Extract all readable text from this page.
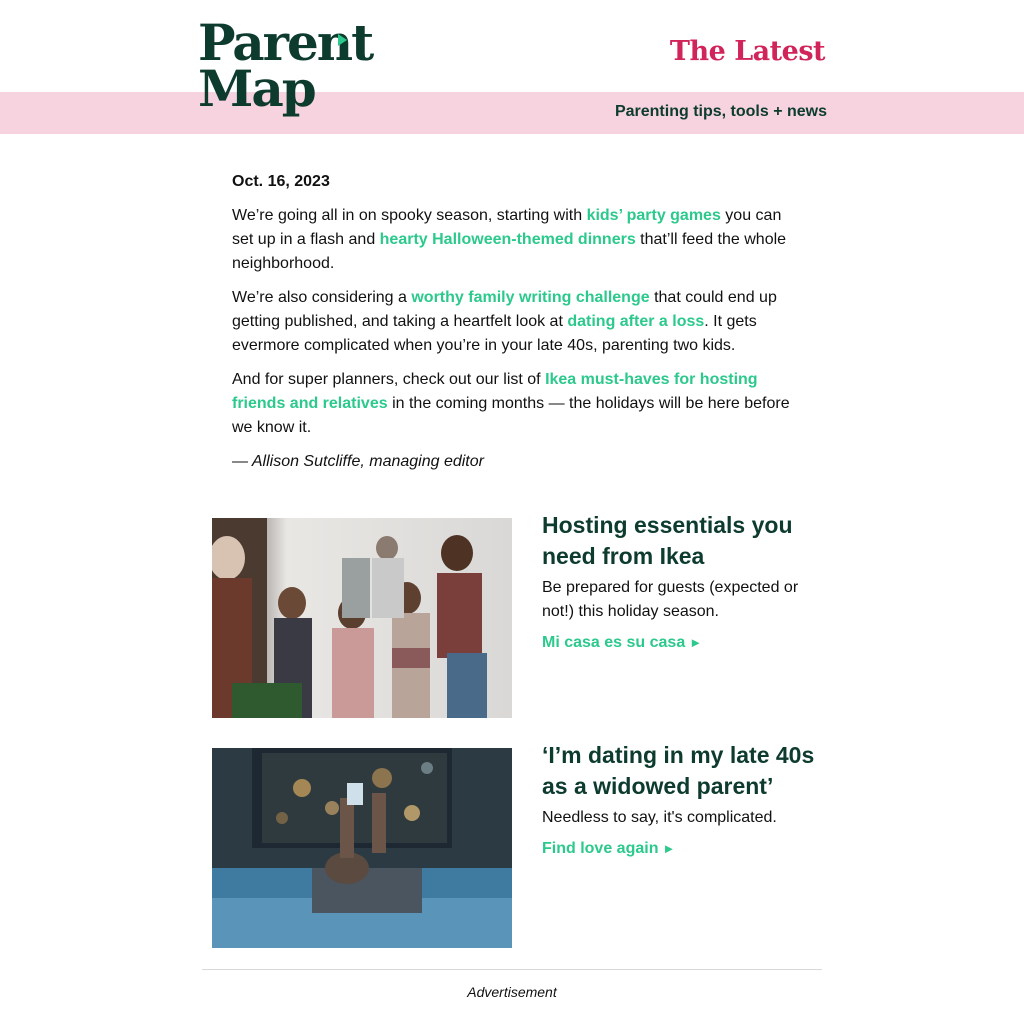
Parent
Map
The Latest
Parenting tips, tools + news
Oct. 16, 2023

We’re going all in on spooky season, starting with kids’ party games you can set up in a flash and hearty Halloween-themed dinners that’ll feed the whole neighborhood.

We’re also considering a worthy family writing challenge that could end up getting published, and taking a heartfelt look at dating after a loss. It gets evermore complicated when you’re in your late 40s, parenting two kids.

And for super planners, check out our list of Ikea must-haves for hosting friends and relatives in the coming months — the holidays will be here before we know it.

— Allison Sutcliffe, managing editor

Hosting essentials you need from Ikea
Be prepared for guests (expected or not!) this holiday season.
Mi casa es su casa ►
‘I’m dating in my late 40s as a widowed parent’
Needless to say, it's complicated.
Find love again ►
Advertisement
